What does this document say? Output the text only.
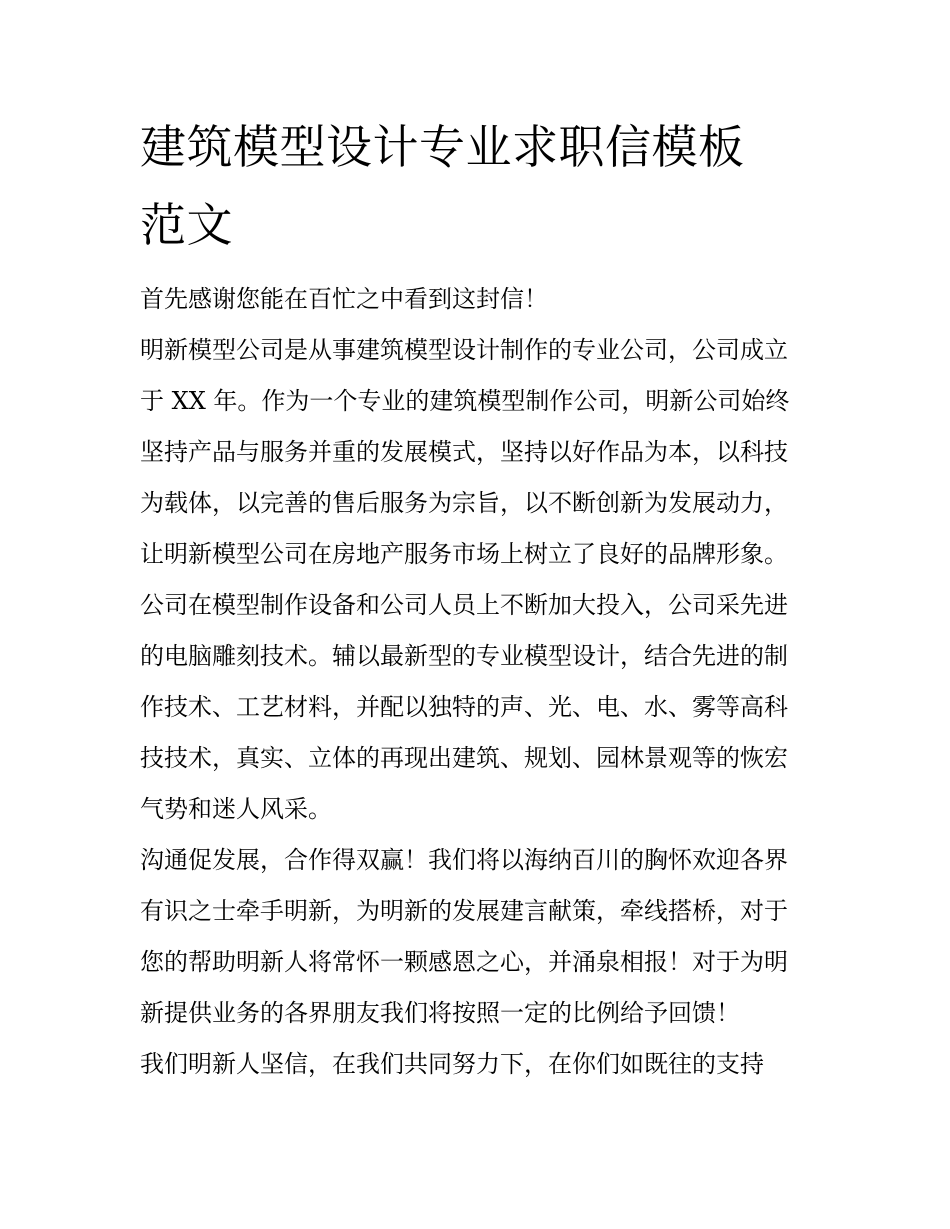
建筑模型设计专业求职信模板
范文

首先感谢您能在百忙之中看到这封信！

明新模型公司是从事建筑模型设计制作的专业公司，公司成立
于 XX 年。作为一个专业的建筑模型制作公司，明新公司始终
坚持产品与服务并重的发展模式，坚持以好作品为本，以科技
为载体，以完善的售后服务为宗旨，以不断创新为发展动力，
让明新模型公司在房地产服务市场上树立了良好的品牌形象。

公司在模型制作设备和公司人员上不断加大投入，公司采先进
的电脑雕刻技术。辅以最新型的专业模型设计，结合先进的制
作技术、工艺材料，并配以独特的声、光、电、水、雾等高科
技技术，真实、立体的再现出建筑、规划、园林景观等的恢宏
气势和迷人风采。

沟通促发展，合作得双赢！我们将以海纳百川的胸怀欢迎各界
有识之士牵手明新，为明新的发展建言献策，牵线搭桥，对于
您的帮助明新人将常怀一颗感恩之心，并涌泉相报！对于为明
新提供业务的各界朋友我们将按照一定的比例给予回馈！

我们明新人坚信，在我们共同努力下，在你们如既往的支持
